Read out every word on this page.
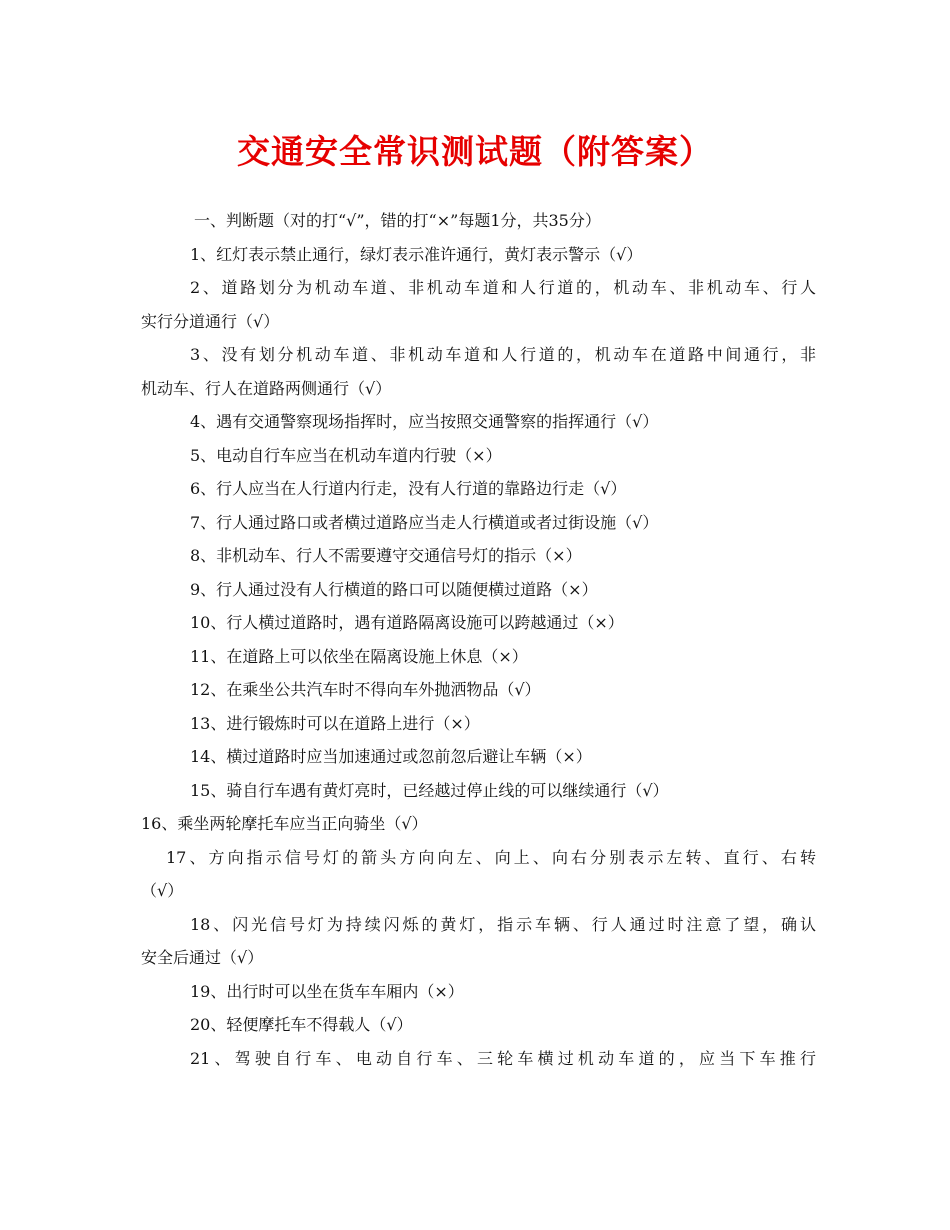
交通安全常识测试题（附答案）
一、判断题（对的打“√”，错的打“×”每题1分，共35分）
1、红灯表示禁止通行，绿灯表示准许通行，黄灯表示警示（√）
2、道路划分为机动车道、非机动车道和人行道的，机动车、非机动车、行人
实行分道通行（√）
3、没有划分机动车道、非机动车道和人行道的，机动车在道路中间通行，非
机动车、行人在道路两侧通行（√）
4、遇有交通警察现场指挥时，应当按照交通警察的指挥通行（√）
5、电动自行车应当在机动车道内行驶（×）
6、行人应当在人行道内行走，没有人行道的靠路边行走（√）
7、行人通过路口或者横过道路应当走人行横道或者过街设施（√）
8、非机动车、行人不需要遵守交通信号灯的指示（×）
9、行人通过没有人行横道的路口可以随便横过道路（×）
10、行人横过道路时，遇有道路隔离设施可以跨越通过（×）
11、在道路上可以依坐在隔离设施上休息（×）
12、在乘坐公共汽车时不得向车外抛洒物品（√）
13、进行锻炼时可以在道路上进行（×）
14、横过道路时应当加速通过或忽前忽后避让车辆（×）
15、骑自行车遇有黄灯亮时，已经越过停止线的可以继续通行（√）
16、乘坐两轮摩托车应当正向骑坐（√）
17、方向指示信号灯的箭头方向向左、向上、向右分别表示左转、直行、右转
（√）
18、闪光信号灯为持续闪烁的黄灯，指示车辆、行人通过时注意了望，确认
安全后通过（√）
19、出行时可以坐在货车车厢内（×）
20、轻便摩托车不得载人（√）
21、驾驶自行车、电动自行车、三轮车横过机动车道的，应当下车推行
